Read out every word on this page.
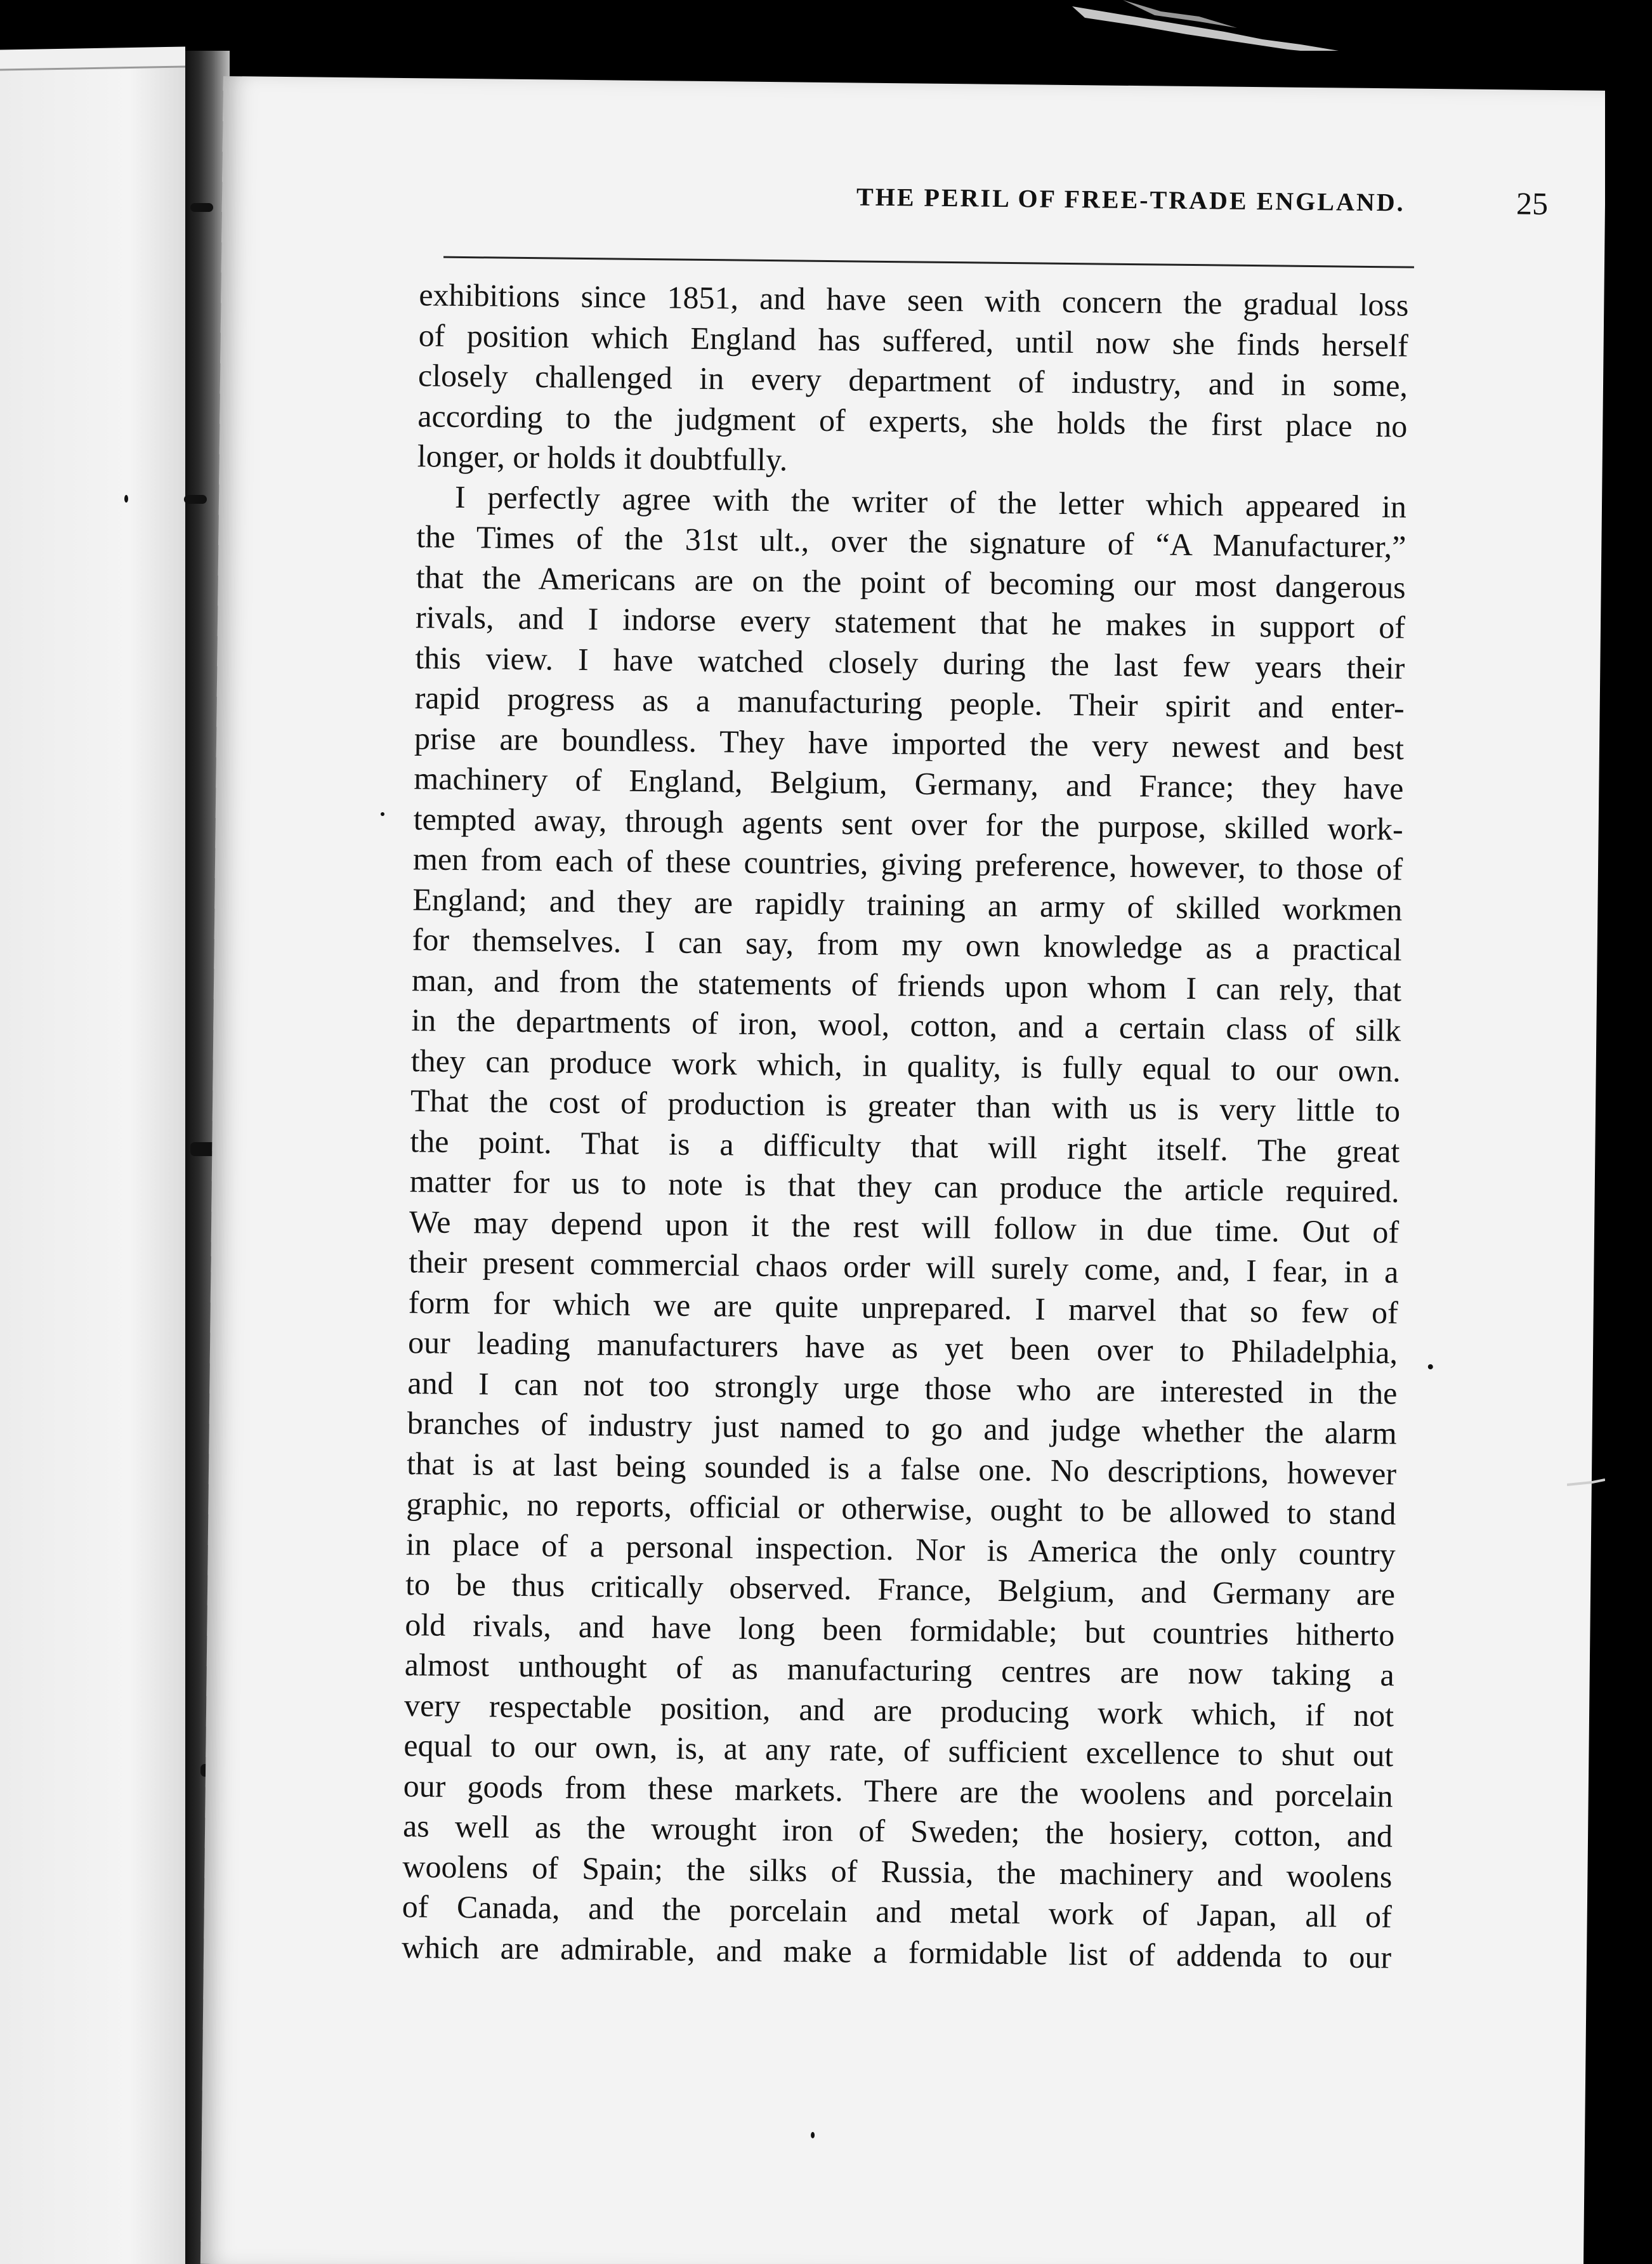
THE PERIL OF FREE-TRADE ENGLAND.	25

exhibitions since 1851, and have seen with concern the gradual loss
of position which England has suffered, until now she finds herself
closely challenged in every department of industry, and in some,
according to the judgment of experts, she holds the first place no
longer, or holds it doubtfully.

I perfectly agree with the writer of the letter which appeared in
the Times of the 31st ult., over the signature of “A Manufacturer,”
that the Americans are on the point of becoming our most dangerous
rivals, and I indorse every statement that he makes in support of
this view. I have watched closely during the last few years their
rapid progress as a manufacturing people. Their spirit and enter-
prise are boundless. They have imported the very newest and best
machinery of England, Belgium, Germany, and France; they have
tempted away, through agents sent over for the purpose, skilled work-
men from each of these countries, giving preference, however, to those of
England; and they are rapidly training an army of skilled workmen
for themselves. I can say, from my own knowledge as a practical
man, and from the statements of friends upon whom I can rely, that
in the departments of iron, wool, cotton, and a certain class of silk
they can produce work which, in quality, is fully equal to our own.
That the cost of production is greater than with us is very little to
the point. That is a difficulty that will right itself. The great
matter for us to note is that they can produce the article required.
We may depend upon it the rest will follow in due time. Out of
their present commercial chaos order will surely come, and, I fear, in a
form for which we are quite unprepared. I marvel that so few of
our leading manufacturers have as yet been over to Philadelphia,
and I can not too strongly urge those who are interested in the
branches of industry just named to go and judge whether the alarm
that is at last being sounded is a false one. No descriptions, however
graphic, no reports, official or otherwise, ought to be allowed to stand
in place of a personal inspection. Nor is America the only country
to be thus critically observed. France, Belgium, and Germany are
old rivals, and have long been formidable; but countries hitherto
almost unthought of as manufacturing centres are now taking a
very respectable position, and are producing work which, if not
equal to our own, is, at any rate, of sufficient excellence to shut out
our goods from these markets. There are the woolens and porcelain
as well as the wrought iron of Sweden; the hosiery, cotton, and
woolens of Spain; the silks of Russia, the machinery and woolens
of Canada, and the porcelain and metal work of Japan, all of
which are admirable, and make a formidable list of addenda to our
